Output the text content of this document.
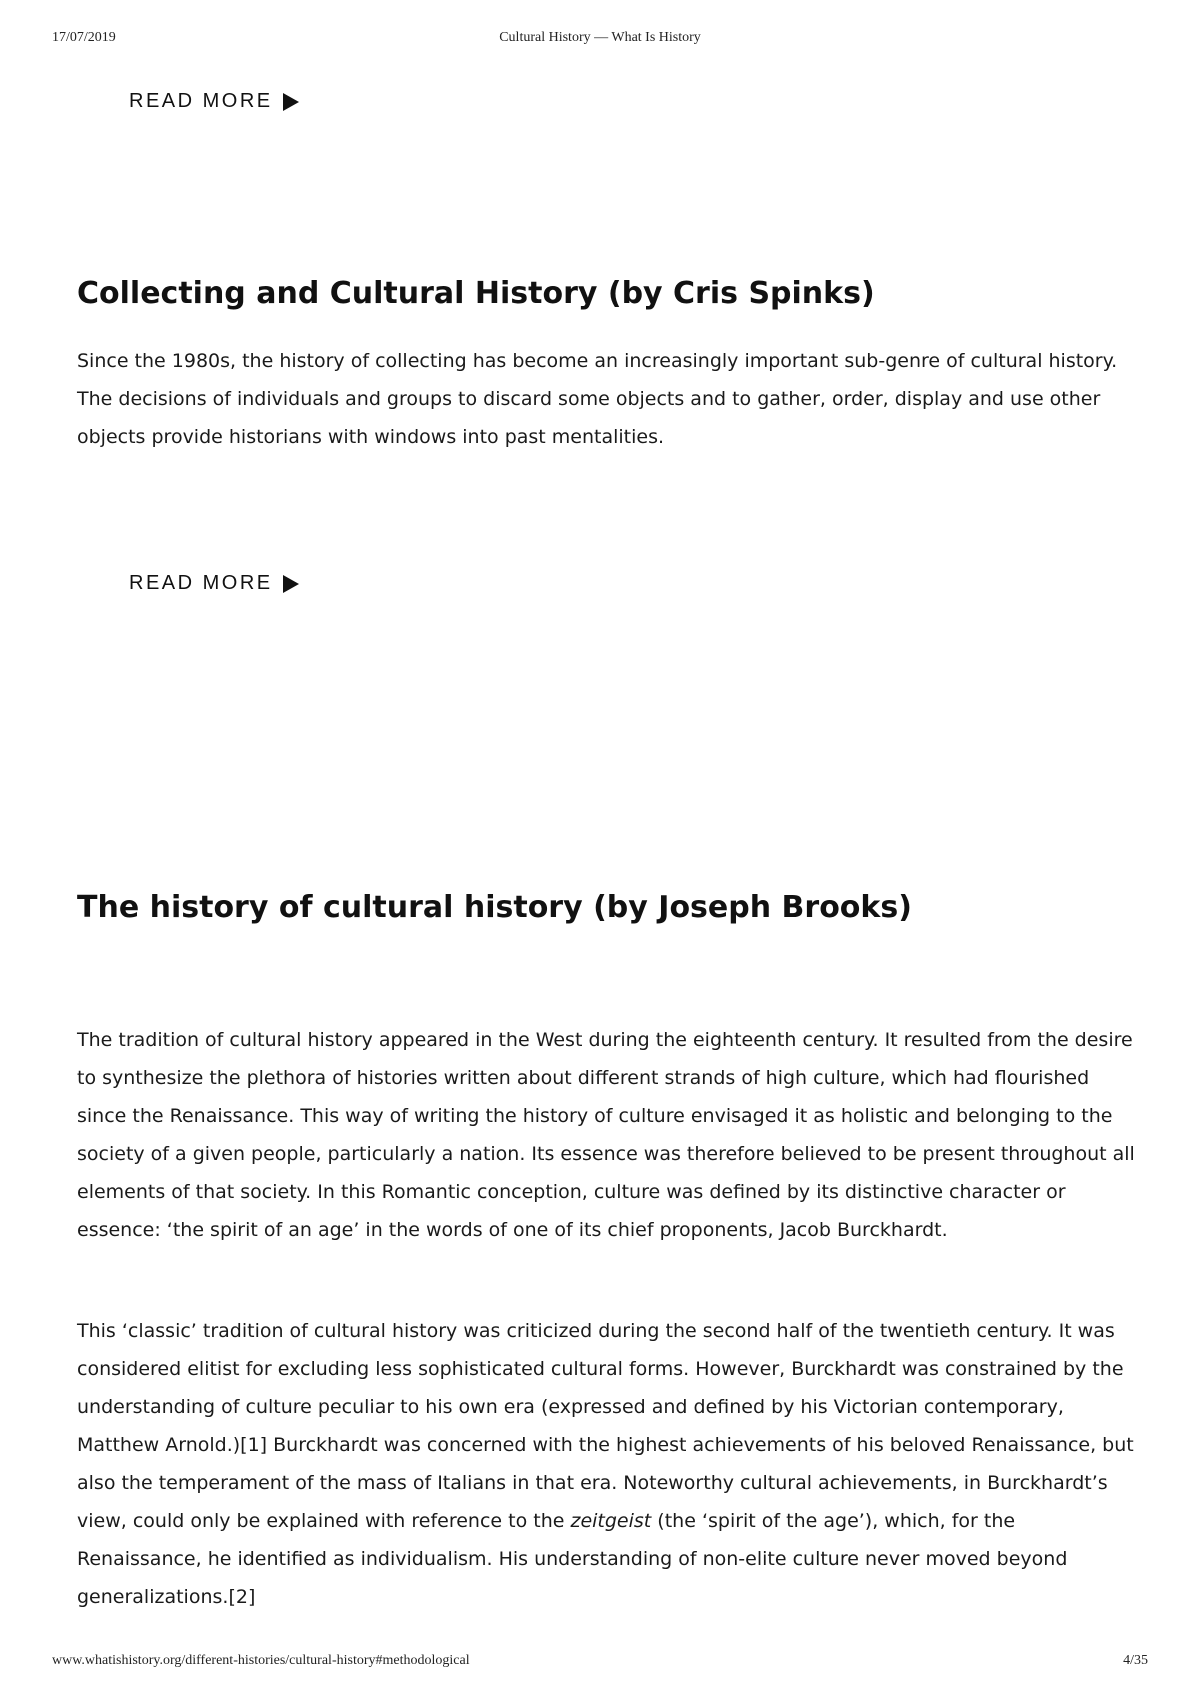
17/07/2019	Cultural History — What Is History
READ MORE
Collecting and Cultural History (by Cris Spinks)

Since the 1980s, the history of collecting has become an increasingly important sub-genre of cultural history. The decisions of individuals and groups to discard some objects and to gather, order, display and use other objects provide historians with windows into past mentalities.

READ MORE
The history of cultural history (by Joseph Brooks)

The tradition of cultural history appeared in the West during the eighteenth century. It resulted from the desire to synthesize the plethora of histories written about different strands of high culture, which had flourished since the Renaissance. This way of writing the history of culture envisaged it as holistic and belonging to the society of a given people, particularly a nation. Its essence was therefore believed to be present throughout all elements of that society. In this Romantic conception, culture was defined by its distinctive character or essence: ‘the spirit of an age’ in the words of one of its chief proponents, Jacob Burckhardt.

This ‘classic’ tradition of cultural history was criticized during the second half of the twentieth century. It was considered elitist for excluding less sophisticated cultural forms. However, Burckhardt was constrained by the understanding of culture peculiar to his own era (expressed and defined by his Victorian contemporary, Matthew Arnold.)[1] Burckhardt was concerned with the highest achievements of his beloved Renaissance, but also the temperament of the mass of Italians in that era. Noteworthy cultural achievements, in Burckhardt’s view, could only be explained with reference to the zeitgeist (the ‘spirit of the age’), which, for the Renaissance, he identified as individualism. His understanding of non-elite culture never moved beyond generalizations.[2]

www.whatishistory.org/different-histories/cultural-history#methodological	4/35
